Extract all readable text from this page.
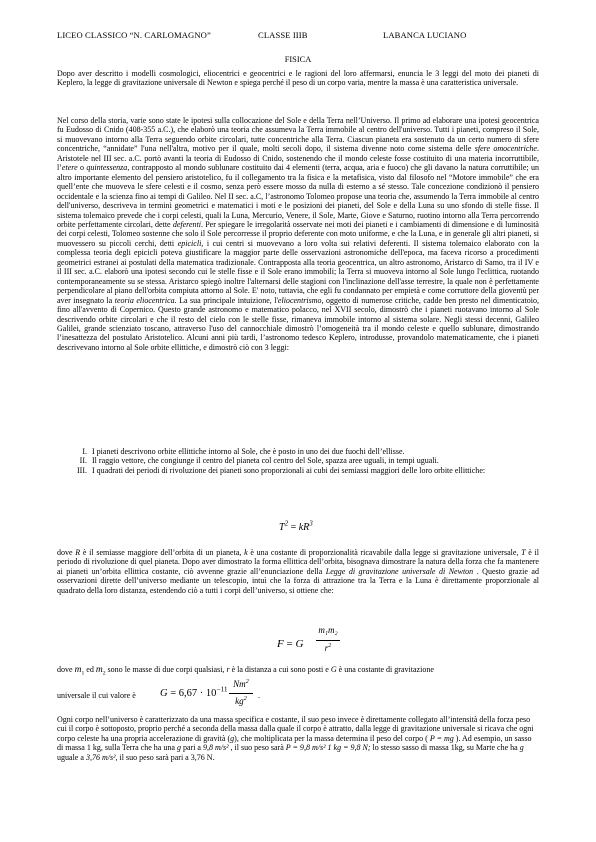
LICEO CLASSICO “N. CARLOMAGNO”	CLASSE IIIB	LABANCA LUCIANO
FISICA

Dopo aver descritto i modelli cosmologici, eliocentrici e geocentrici e le ragioni del loro affermarsi, enuncia le 3 leggi del moto dei pianeti di Keplero, la legge di gravitazione universale di Newton e spiega perché il peso di un corpo varia, mentre la massa è una caratteristica universale.

Nel corso della storia, varie sono state le ipotesi sulla collocazione del Sole e della Terra nell’Universo. Il primo ad elaborare una ipotesi geocentrica fu Eudosso di Cnido (408-355 a.C.), che elaborò una teoria che assumeva la Terra immobile al centro dell'universo. Tutti i pianeti, compreso il Sole, si muovevano intorno alla Terra seguendo orbite circolari, tutte concentriche alla Terra. Ciascun pianeta era sostenuto da un certo numero di sfere concentriche, “annidate” l'una nell'altra, motivo per il quale, molti secoli dopo, il sistema divenne noto come sistema delle sfere omocentriche. Aristotele nel III sec. a.C. portò avanti la teoria di Eudosso di Cnido, sostenendo che il mondo celeste fosse costituito di una materia incorruttibile, l’etere o quintessenza, contrapposto al mondo sublunare costituito dai 4 elementi (terra, acqua, aria e fuoco) che gli davano la natura corruttibile; un altro importante elemento del pensiero aristotelico, fu il collegamento tra la fisica e la metafisica, visto dal filosofo nel “Motore immobile” che era quell’ente che muoveva le sfere celesti e il cosmo, senza però essere mosso da nulla di esterno a sé stesso. Tale concezione condizionò il pensiero occidentale e la scienza fino ai tempi di Galileo. Nel II sec. a.C, l’astronomo Tolomeo propose una teoria che, assumendo la Terra immobile al centro dell'universo, descriveva in termini geometrici e matematici i moti e le posizioni dei pianeti, del Sole e della Luna su uno sfondo di stelle fisse. Il sistema tolemaico prevede che i corpi celesti, quali la Luna, Mercurio, Venere, il Sole, Marte, Giove e Saturno, ruotino intorno alla Terra percorrendo orbite perfettamente circolari, dette deferenti. Per spiegare le irregolarità osservate nei moti dei pianeti e i cambiamenti di dimensione e di luminosità dei corpi celesti, Tolomeo sostenne che solo il Sole percorresse il proprio deferente con moto uniforme, e che la Luna, e in generale gli altri pianeti, si muovessero su piccoli cerchi, detti epicicli, i cui centri si muovevano a loro volta sui relativi deferenti. Il sistema tolemaico elaborato con la complessa teoria degli epicicli poteva giustificare la maggior parte delle osservazioni astronomiche dell'epoca, ma faceva ricorso a procedimenti geometrici estranei ai postulati della matematica tradizionale. Contrapposta alla teoria geocentrica, un altro astronomo, Aristarco di Samo, tra il IV e il III sec. a.C. elaborò una ipotesi secondo cui le stelle fisse e il Sole erano immobili; la Terra si muoveva intorno al Sole lungo l'eclittica, ruotando contemporaneamente su se stessa. Aristarco spiegò inoltre l'alternarsi delle stagioni con l'inclinazione dell'asse terrestre, la quale non è perfettamente perpendicolare al piano dell'orbita compiuta attorno al Sole. E' noto, tuttavia, che egli fu condannato per empietà e come corruttore della gioventù per aver insegnato la teoria eliocentrica. La sua principale intuizione, l'eliocentrismo, oggetto di numerose critiche, cadde ben presto nel dimenticatoio, fino all'avvento di Copernico. Questo grande astronomo e matematico polacco, nel XVII secolo, dimostrò che i pianeti ruotavano intorno al Sole descrivendo orbite circolari e che il resto del cielo con le stelle fisse, rimaneva immobile intorno al sistema solare. Negli stessi decenni, Galileo Galilei, grande scienziato toscano, attraverso l'uso del cannocchiale dimostrò l’omogeneità tra il mondo celeste e quello sublunare, dimostrando l’inesattezza del postulato Aristotelico. Alcuni anni più tardi, l’astronomo tedesco Keplero, introdusse, provandolo matematicamente, che i pianeti descrivevano intorno al Sole orbite ellittiche, e dimostrò ciò con 3 leggi:

I. I pianeti descrivono orbite ellittiche intorno al Sole, che è posto in uno dei due fuochi dell’ellisse.
II. Il raggio vettore, che congiunge il centro del pianeta col centro del Sole, spazza aree uguali, in tempi uguali.
III. I quadrati dei periodi di rivoluzione dei pianeti sono proporzionali ai cubi dei semiassi maggiori delle loro orbite ellittiche:
$T^2 = kR^3$

dove R è il semiasse maggiore dell’orbita di un pianeta, k è una costante di proporzionalità ricavabile dalla legge si gravitazione universale, T è il periodo di rivoluzione di quel pianeta. Dopo aver dimostrato la forma ellittica dell’orbita, bisognava dimostrare la natura della forza che fa mantenere ai pianeti un’orbita ellittica costante, ciò avvenne grazie all’enunciazione della Legge di gravitazione universale di Newton . Questo grazie ad osservazioni dirette dell’universo mediante un telescopio, intuì che la forza di attrazione tra la Terra e la Luna è direttamente proporzionale al quadrato della loro distanza, estendendo ciò a tutti i corpi dell’universo, si ottiene che:

F = G
m₁m₂
$r^2$

dove $m_1$ ed $m_2$ sono le masse di due corpi qualsiasi, r è la distanza a cui sono posti e G è una costante di gravitazione

universale il cui valore è $G = 6,67 \cdot 10^{-11}$ Nm$^2$
$kg^2$	.

Ogni corpo nell’universo è caratterizzato da una massa specifica e costante, il suo peso invece è direttamente collegato all’intensità della forza peso cui il corpo è sottoposto, proprio perché a seconda della massa dalla quale il corpo è attratto, dalla legge di gravitazione universale si ricava che ogni corpo celeste ha una propria accelerazione di gravità (g), che moltiplicata per la massa determina il peso del corpo ( P = mg ). Ad esempio, un sasso di massa 1 kg, sulla Terra che ha una g pari a 9,8 m/s² , il suo peso sarà P = 9,8 m/s² 1 kg = 9,8 N; lo stesso sasso di massa 1kg, su Marte che ha g uguale a 3,76 m/s², il suo peso sarà pari a 3,76 N.
